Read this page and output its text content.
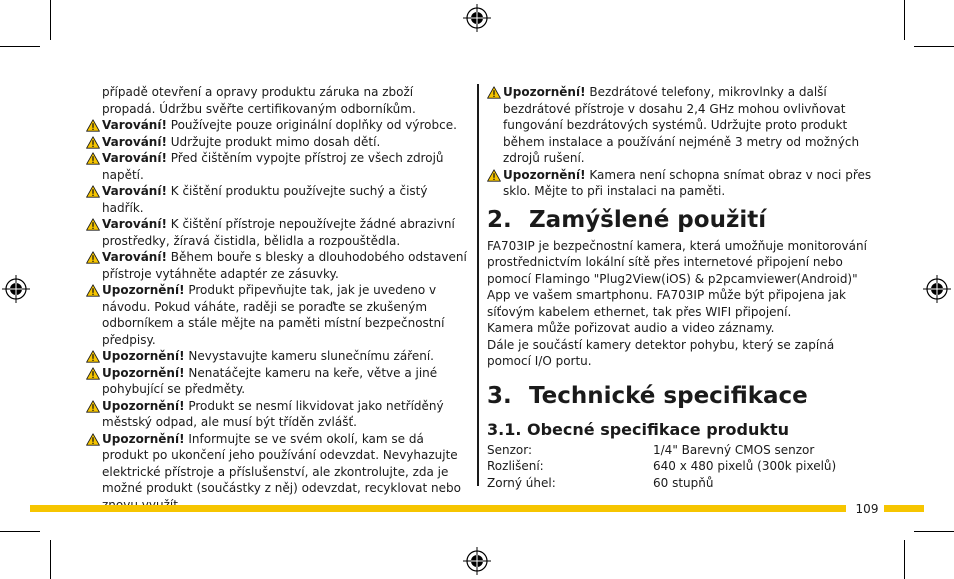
případě otevření a opravy produktu záruka na zboží propadá. Údržbu svěřte certifikovaným odborníkům.

Varování! Používejte pouze originální doplňky od výrobce.

Varování! Udržujte produkt mimo dosah dětí.

Varování! Před čištěním vypojte přístroj ze všech zdrojů napětí.

Varování! K čištění produktu používejte suchý a čistý hadřík.

Varování! K čištění přístroje nepoužívejte žádné abrazivní prostředky, žíravá čistidla, bělidla a rozpouštědla.

Varování! Během bouře s blesky a dlouhodobého odstavení přístroje vytáhněte adaptér ze zásuvky.

Upozornění! Produkt připevňujte tak, jak je uvedeno v návodu. Pokud váháte, raději se poraďte se zkušeným odborníkem a stále mějte na paměti místní bezpečnostní předpisy.

Upozornění! Nevystavujte kameru slunečnímu záření.

Upozornění! Nenatáčejte kameru na keře, větve a jiné pohybující se předměty.

Upozornění! Produkt se nesmí likvidovat jako netříděný městský odpad, ale musí být tříděn zvlášť.

Upozornění! Informujte se ve svém okolí, kam se dá produkt po ukončení jeho používání odevzdat. Nevyhazujte elektrické přístroje a příslušenství, ale zkontrolujte, zda je možné produkt (součástky z něj) odevzdat, recyklovat nebo

Upozornění! Bezdrátové telefony, mikrovlnky a další bezdrátové přístroje v dosahu 2,4 GHz mohou ovlivňovat fungování bezdrátových systémů. Udržujte proto produkt během instalace a používání nejméně 3 metry od možných zdrojů rušení.

Upozornění! Kamera není schopna snímat obraz v noci přes sklo. Mějte to při instalaci na paměti.

2. Zamýšlené použití

FA703IP je bezpečnostní kamera, která umožňuje monitorování prostřednictvím lokální sítě přes internetové připojení nebo pomocí Flamingo "Plug2View(iOS) & p2pcamviewer(Android)" App ve vašem smartphonu. FA703IP může být připojena jak síťovým kabelem ethernet, tak přes WIFI připojení.

Kamera může pořizovat audio a video záznamy.

Dále je součástí kamery detektor pohybu, který se zapíná pomocí I/O portu.

3. Technické specifikace
3.1. Obecné specifikace produktu
Senzor:	1/4" Barevný CMOS senzor
Rozlišení:	640 x 480 pixelů (300k pixelů)
Zorný úhel:	60 stupňů
109
